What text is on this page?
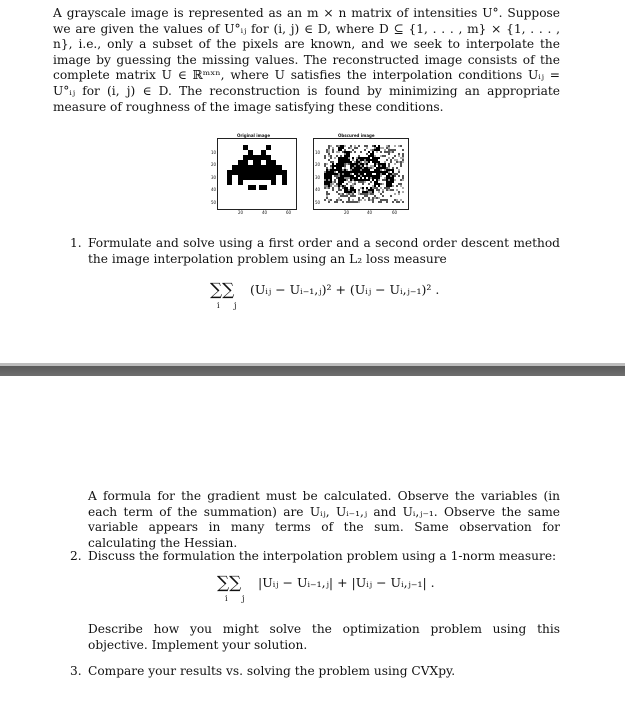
A grayscale image is represented as an m × n matrix of intensities U°. Suppose we are given the values of U°ᵢⱼ for (i, j) ∈ D, where D ⊆ {1, . . . , m} × {1, . . . , n}, i.e., only a subset of the pixels are known, and we seek to interpolate the image by guessing the missing values. The reconstructed image consists of the complete matrix U ∈ ℝᵐˣⁿ, where U satisfies the interpolation conditions Uᵢⱼ = U°ᵢⱼ for (i, j) ∈ D. The reconstruction is found by minimizing an appropriate measure of roughness of the image satisfying these conditions.

Original image	Obscured image
10
20
30
40
50
20	40	60
10
20
30
40
50
20	40	60
1. Formulate and solve using a first order and a second order descent method the image interpolation problem using an L₂ loss measure
∑∑
i j
(Uᵢⱼ − Uᵢ₋₁,ⱼ)² + (Uᵢⱼ − Uᵢ,ⱼ₋₁)² .
A formula for the gradient must be calculated. Observe the variables (in each term of the summation) are Uᵢⱼ, Uᵢ₋₁,ⱼ and Uᵢ,ⱼ₋₁. Observe the same variable appears in many terms of the sum. Same observation for calculating the Hessian.
2. Discuss the formulation the interpolation problem using a 1-norm measure:
∑∑
i j
|Uᵢⱼ − Uᵢ₋₁,ⱼ| + |Uᵢⱼ − Uᵢ,ⱼ₋₁| .
Describe how you might solve the optimization problem using this objective. Implement your solution.
3. Compare your results vs. solving the problem using CVXpy.
